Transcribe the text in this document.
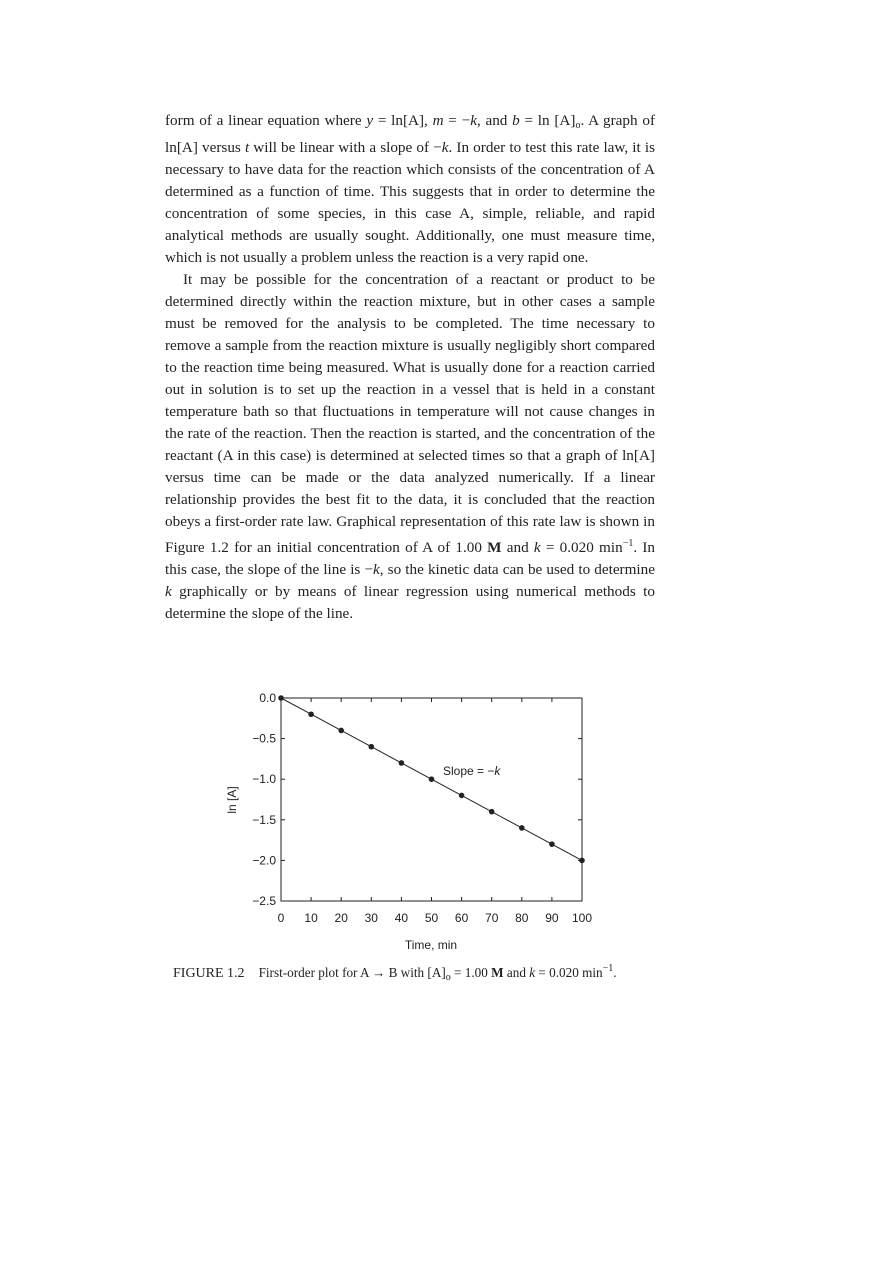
form of a linear equation where y = ln[A], m = −k, and $b = \ln [A]_o$. A graph of ln[A] versus t will be linear with a slope of −k. In order to test this rate law, it is necessary to have data for the reaction which consists of the concentration of A determined as a function of time. This suggests that in order to determine the concentration of some species, in this case A, simple, reliable, and rapid analytical methods are usually sought. Additionally, one must measure time, which is not usually a problem unless the reaction is a very rapid one.

It may be possible for the concentration of a reactant or product to be determined directly within the reaction mixture, but in other cases a sample must be removed for the analysis to be completed. The time necessary to remove a sample from the reaction mixture is usually negligibly short compared to the reaction time being measured. What is usually done for a reaction carried out in solution is to set up the reaction in a vessel that is held in a constant temperature bath so that fluctuations in temperature will not cause changes in the rate of the reaction. Then the reaction is started, and the concentration of the reactant (A in this case) is determined at selected times so that a graph of ln[A] versus time can be made or the data analyzed numerically. If a linear relationship provides the best fit to the data, it is concluded that the reaction obeys a first-order rate law. Graphical representation of this rate law is shown in Figure 1.2 for an initial concentration of A of 1.00 M and k = 0.020 $\min^{-1}$. In this case, the slope of the line is −k, so the kinetic data can be used to determine k graphically or by means of linear regression using numerical methods to determine the slope of the line.

0 10 20 30 40 50 60 70 80 90 100
0.0
−0.5
−1.0
−1.5
−2.0
−2.5
Slope = −k
Time, min
ln [A]
FIGURE 1.2 First-order plot for A → B with $[A]_o = 1.00$ M and k = 0.020 $\min^{-1}$.
